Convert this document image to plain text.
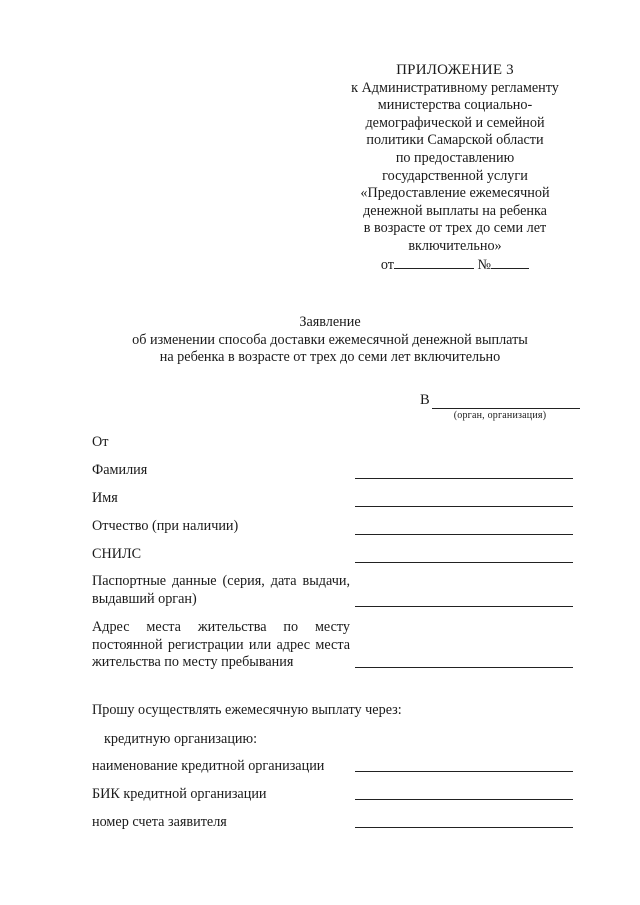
ПРИЛОЖЕНИЕ 3
к Административному регламенту
министерства социально-
демографической и семейной
политики Самарской области
по предоставлению
государственной услуги
«Предоставление ежемесячной
денежной выплаты на ребенка
в возрасте от трех до семи лет
включительно»
от	№
Заявление
об изменении способа доставки ежемесячной денежной выплаты
на ребенка в возрасте от трех до семи лет включительно
В
(орган, организация)
От
Фамилия
Имя
Отчество (при наличии)
СНИЛС
Паспортные данные (серия, дата выдачи, выдавший орган)
Адрес места жительства по месту постоянной регистрации или адрес места жительства по месту пребывания
Прошу осуществлять ежемесячную выплату через:
кредитную организацию:
наименование кредитной организации
БИК кредитной организации
номер счета заявителя
